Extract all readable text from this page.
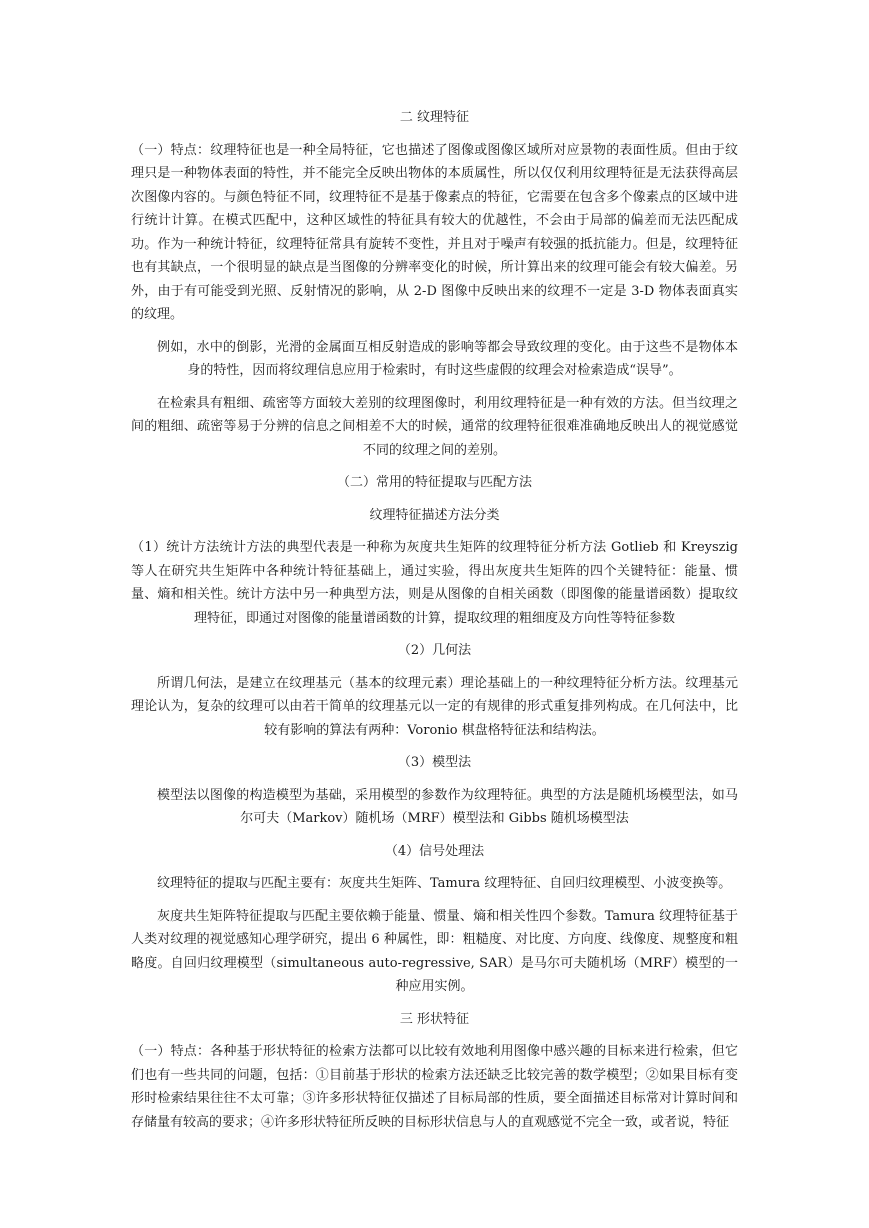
二 纹理特征
（一）特点：纹理特征也是一种全局特征，它也描述了图像或图像区域所对应景物的表面性质。但由于纹理只是一种物体表面的特性，并不能完全反映出物体的本质属性，所以仅仅利用纹理特征是无法获得高层次图像内容的。与颜色特征不同，纹理特征不是基于像素点的特征，它需要在包含多个像素点的区域中进行统计计算。在模式匹配中，这种区域性的特征具有较大的优越性，不会由于局部的偏差而无法匹配成功。作为一种统计特征，纹理特征常具有旋转不变性，并且对于噪声有较强的抵抗能力。但是，纹理特征也有其缺点，一个很明显的缺点是当图像的分辨率变化的时候，所计算出来的纹理可能会有较大偏差。另外，由于有可能受到光照、反射情况的影响，从 2-D 图像中反映出来的纹理不一定是 3-D 物体表面真实的纹理。
例如，水中的倒影，光滑的金属面互相反射造成的影响等都会导致纹理的变化。由于这些不是物体本身的特性，因而将纹理信息应用于检索时，有时这些虚假的纹理会对检索造成“误导”。
在检索具有粗细、疏密等方面较大差别的纹理图像时，利用纹理特征是一种有效的方法。但当纹理之间的粗细、疏密等易于分辨的信息之间相差不大的时候，通常的纹理特征很难准确地反映出人的视觉感觉不同的纹理之间的差别。
（二）常用的特征提取与匹配方法
纹理特征描述方法分类
（1）统计方法统计方法的典型代表是一种称为灰度共生矩阵的纹理特征分析方法 Gotlieb 和 Kreyszig 等人在研究共生矩阵中各种统计特征基础上，通过实验，得出灰度共生矩阵的四个关键特征：能量、惯量、熵和相关性。统计方法中另一种典型方法，则是从图像的自相关函数（即图像的能量谱函数）提取纹理特征，即通过对图像的能量谱函数的计算，提取纹理的粗细度及方向性等特征参数
（2）几何法
所谓几何法，是建立在纹理基元（基本的纹理元素）理论基础上的一种纹理特征分析方法。纹理基元理论认为，复杂的纹理可以由若干简单的纹理基元以一定的有规律的形式重复排列构成。在几何法中，比较有影响的算法有两种：Voronio 棋盘格特征法和结构法。
（3）模型法
模型法以图像的构造模型为基础，采用模型的参数作为纹理特征。典型的方法是随机场模型法，如马尔可夫（Markov）随机场（MRF）模型法和 Gibbs 随机场模型法
（4）信号处理法
纹理特征的提取与匹配主要有：灰度共生矩阵、Tamura 纹理特征、自回归纹理模型、小波变换等。
灰度共生矩阵特征提取与匹配主要依赖于能量、惯量、熵和相关性四个参数。Tamura 纹理特征基于人类对纹理的视觉感知心理学研究，提出 6 种属性，即：粗糙度、对比度、方向度、线像度、规整度和粗略度。自回归纹理模型（simultaneous auto-regressive, SAR）是马尔可夫随机场（MRF）模型的一种应用实例。
三 形状特征
（一）特点：各种基于形状特征的检索方法都可以比较有效地利用图像中感兴趣的目标来进行检索，但它们也有一些共同的问题，包括：①目前基于形状的检索方法还缺乏比较完善的数学模型；②如果目标有变形时检索结果往往不太可靠；③许多形状特征仅描述了目标局部的性质，要全面描述目标常对计算时间和存储量有较高的要求；④许多形状特征所反映的目标形状信息与人的直观感觉不完全一致，或者说，特征
